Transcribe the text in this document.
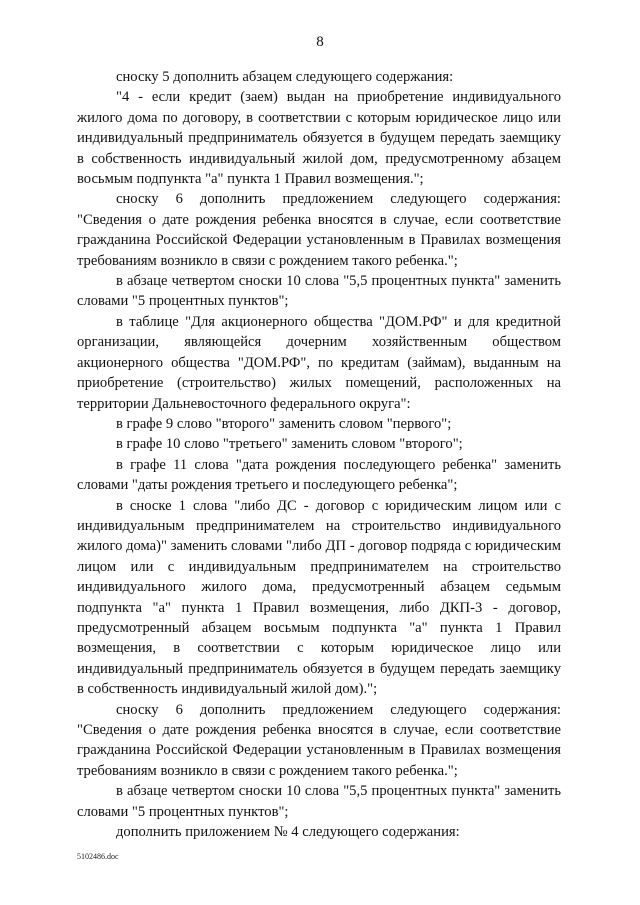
8

сноску 5 дополнить абзацем следующего содержания:

"4 - если кредит (заем) выдан на приобретение индивидуального жилого дома по договору, в соответствии с которым юридическое лицо или индивидуальный предприниматель обязуется в будущем передать заемщику в собственность индивидуальный жилой дом, предусмотренному абзацем восьмым подпункта "а" пункта 1 Правил возмещения.";

сноску 6 дополнить предложением следующего содержания: "Сведения о дате рождения ребенка вносятся в случае, если соответствие гражданина Российской Федерации установленным в Правилах возмещения требованиям возникло в связи с рождением такого ребенка.";

в абзаце четвертом сноски 10 слова "5,5 процентных пункта" заменить словами "5 процентных пунктов";

в таблице "Для акционерного общества "ДОМ.РФ" и для кредитной организации, являющейся дочерним хозяйственным обществом акционерного общества "ДОМ.РФ", по кредитам (займам), выданным на приобретение (строительство) жилых помещений, расположенных на территории Дальневосточного федерального округа":

в графе 9 слово "второго" заменить словом "первого";

в графе 10 слово "третьего" заменить словом "второго";

в графе 11 слова "дата рождения последующего ребенка" заменить словами "даты рождения третьего и последующего ребенка";

в сноске 1 слова "либо ДС - договор с юридическим лицом или с индивидуальным предпринимателем на строительство индивидуального жилого дома)" заменить словами "либо ДП - договор подряда с юридическим лицом или с индивидуальным предпринимателем на строительство индивидуального жилого дома, предусмотренный абзацем седьмым подпункта "а" пункта 1 Правил возмещения, либо ДКП-3 - договор, предусмотренный абзацем восьмым подпункта "а" пункта 1 Правил возмещения, в соответствии с которым юридическое лицо или индивидуальный предприниматель обязуется в будущем передать заемщику в собственность индивидуальный жилой дом).";

сноску 6 дополнить предложением следующего содержания: "Сведения о дате рождения ребенка вносятся в случае, если соответствие гражданина Российской Федерации установленным в Правилах возмещения требованиям возникло в связи с рождением такого ребенка.";

в абзаце четвертом сноски 10 слова "5,5 процентных пункта" заменить словами "5 процентных пунктов";

дополнить приложением № 4 следующего содержания:

5102486.doc
